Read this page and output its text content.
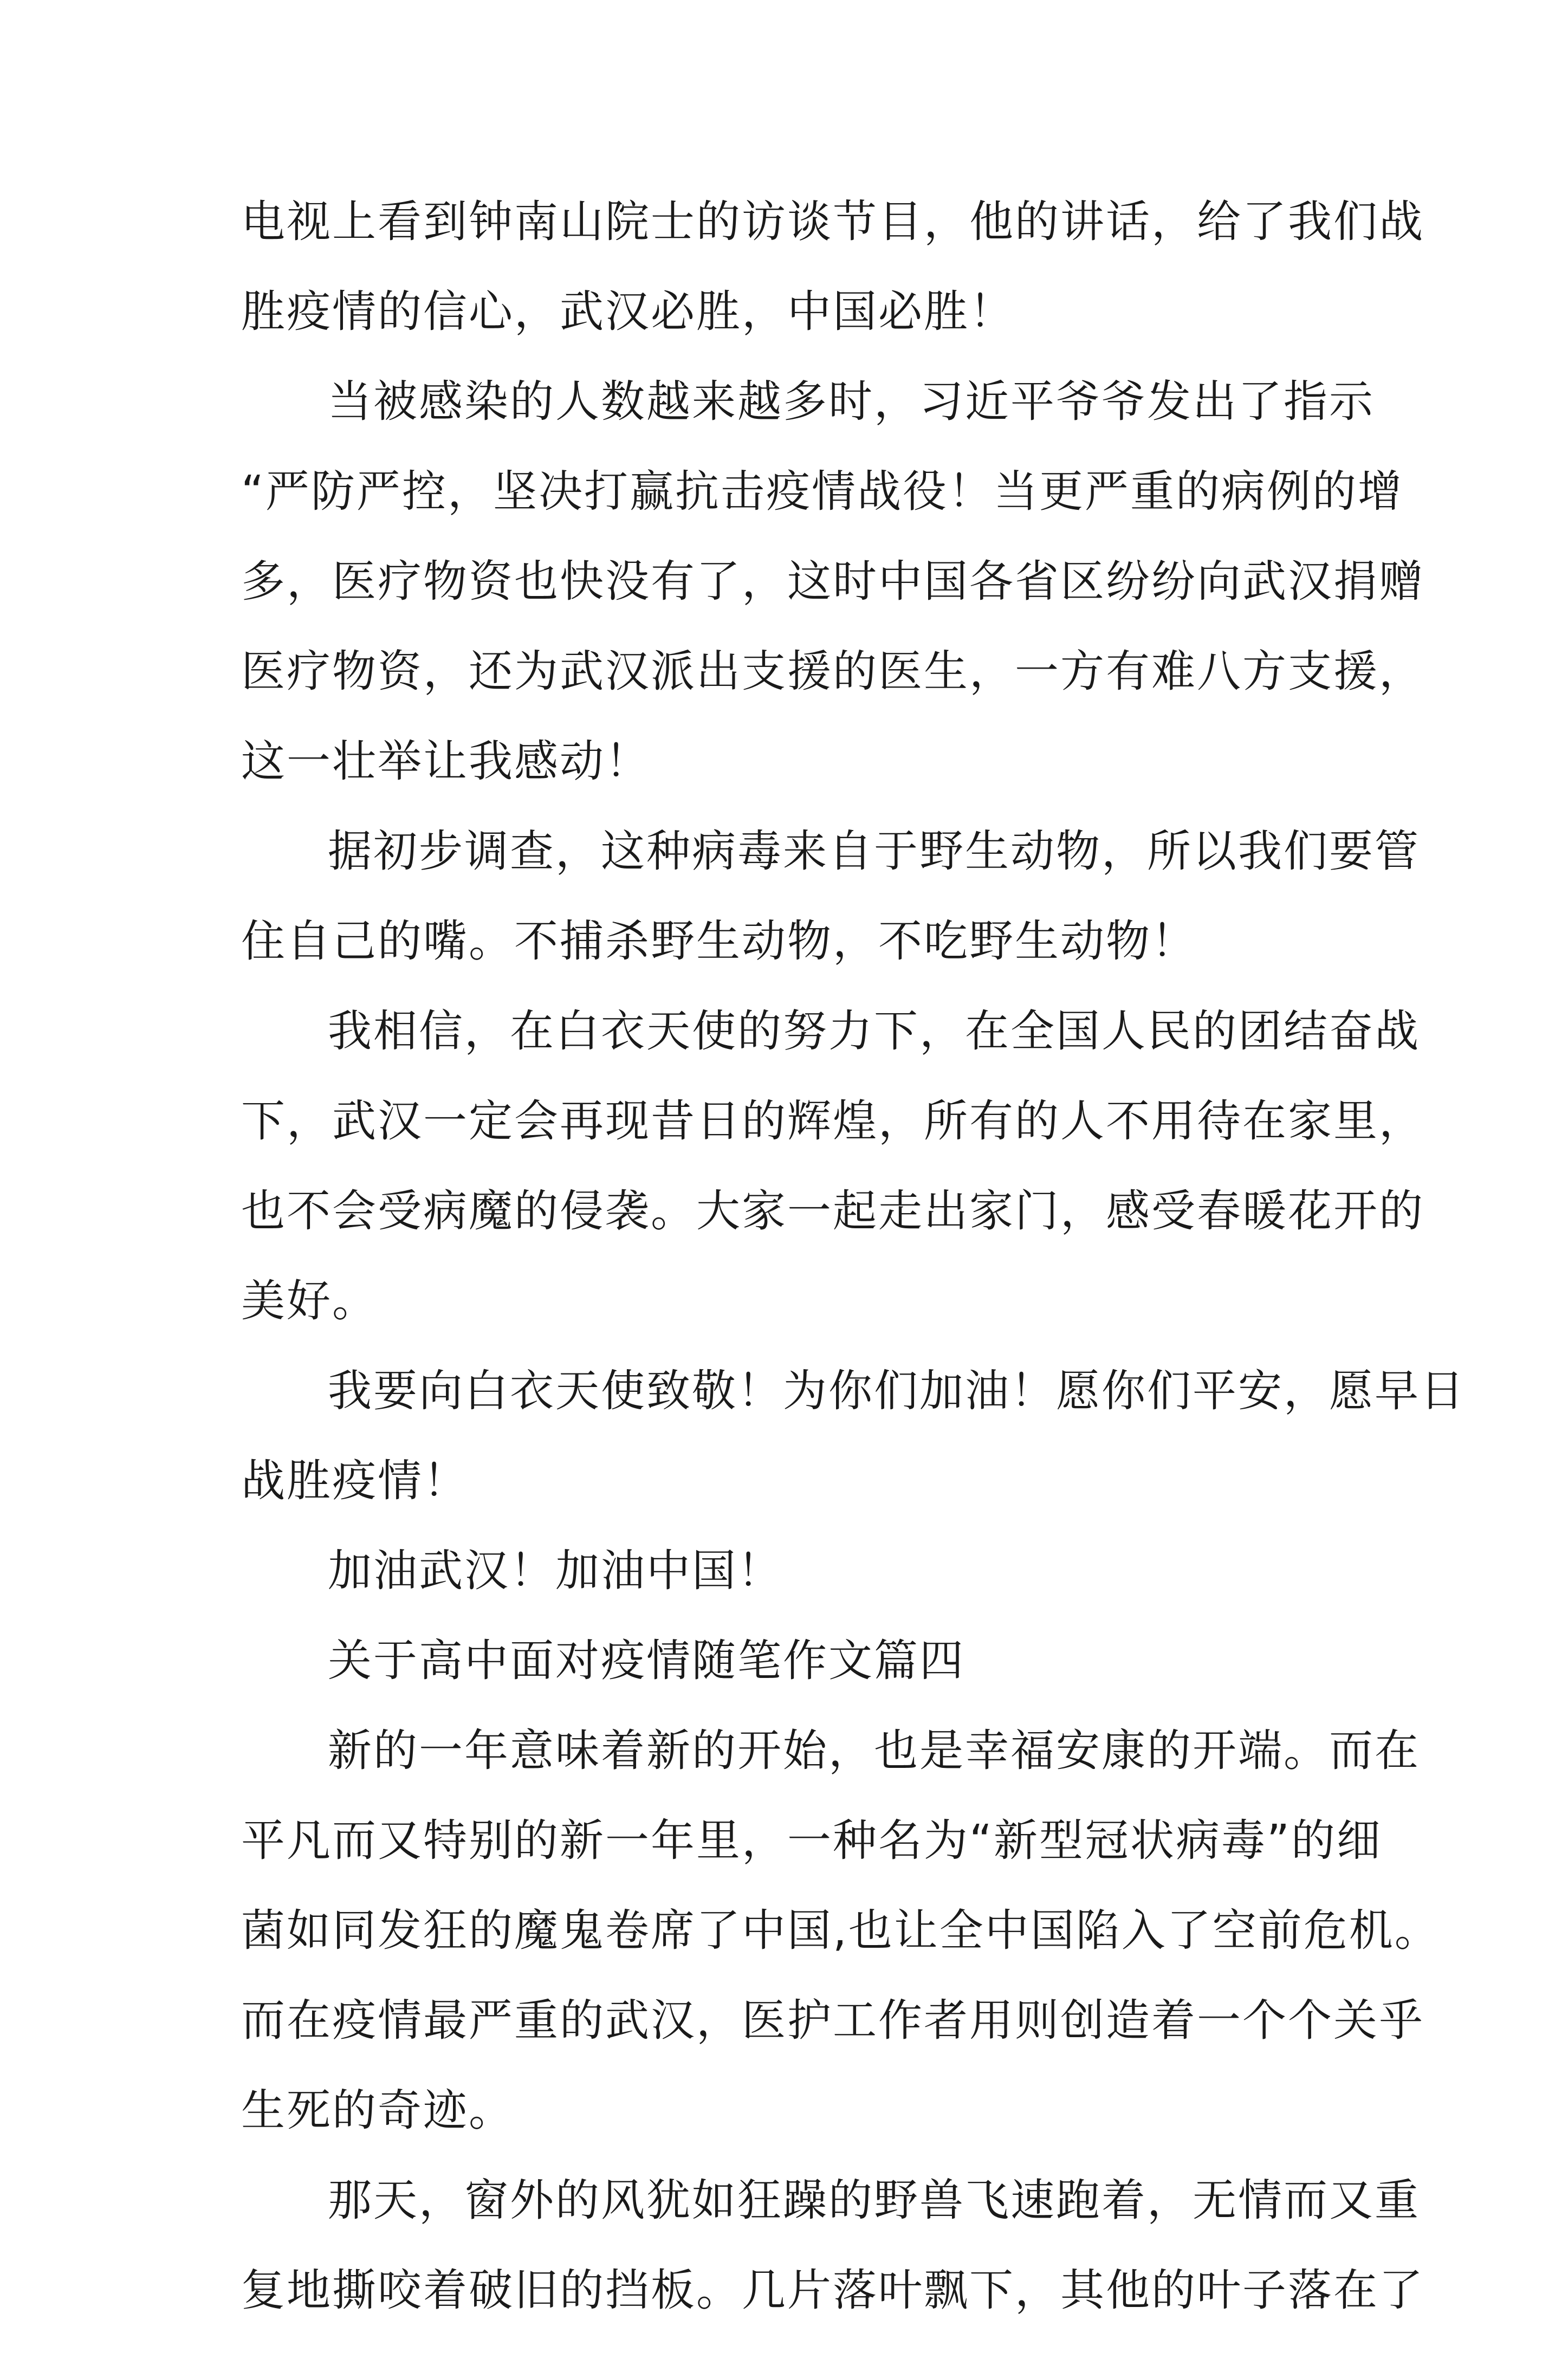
电视上看到钟南山院士的访谈节目，他的讲话，给了我们战
胜疫情的信心，武汉必胜，中国必胜！
当被感染的人数越来越多时，习近平爷爷发出了指示
“严防严控，坚决打赢抗击疫情战役！当更严重的病例的增
多，医疗物资也快没有了，这时中国各省区纷纷向武汉捐赠
医疗物资，还为武汉派出支援的医生，一方有难八方支援，
这一壮举让我感动！
据初步调查，这种病毒来自于野生动物，所以我们要管
住自己的嘴。不捕杀野生动物，不吃野生动物！
我相信，在白衣天使的努力下，在全国人民的团结奋战
下，武汉一定会再现昔日的辉煌，所有的人不用待在家里，
也不会受病魔的侵袭。大家一起走出家门，感受春暖花开的
美好。
我要向白衣天使致敬！为你们加油！愿你们平安，愿早日
战胜疫情！
加油武汉！加油中国！
关于高中面对疫情随笔作文篇四
新的一年意味着新的开始，也是幸福安康的开端。而在
平凡而又特别的新一年里，一种名为“新型冠状病毒”的细
菌如同发狂的魔鬼卷席了中国,也让全中国陷入了空前危机。
而在疫情最严重的武汉，医护工作者用则创造着一个个关乎
生死的奇迹。
那天，窗外的风犹如狂躁的野兽飞速跑着，无情而又重
复地撕咬着破旧的挡板。几片落叶飘下，其他的叶子落在了
